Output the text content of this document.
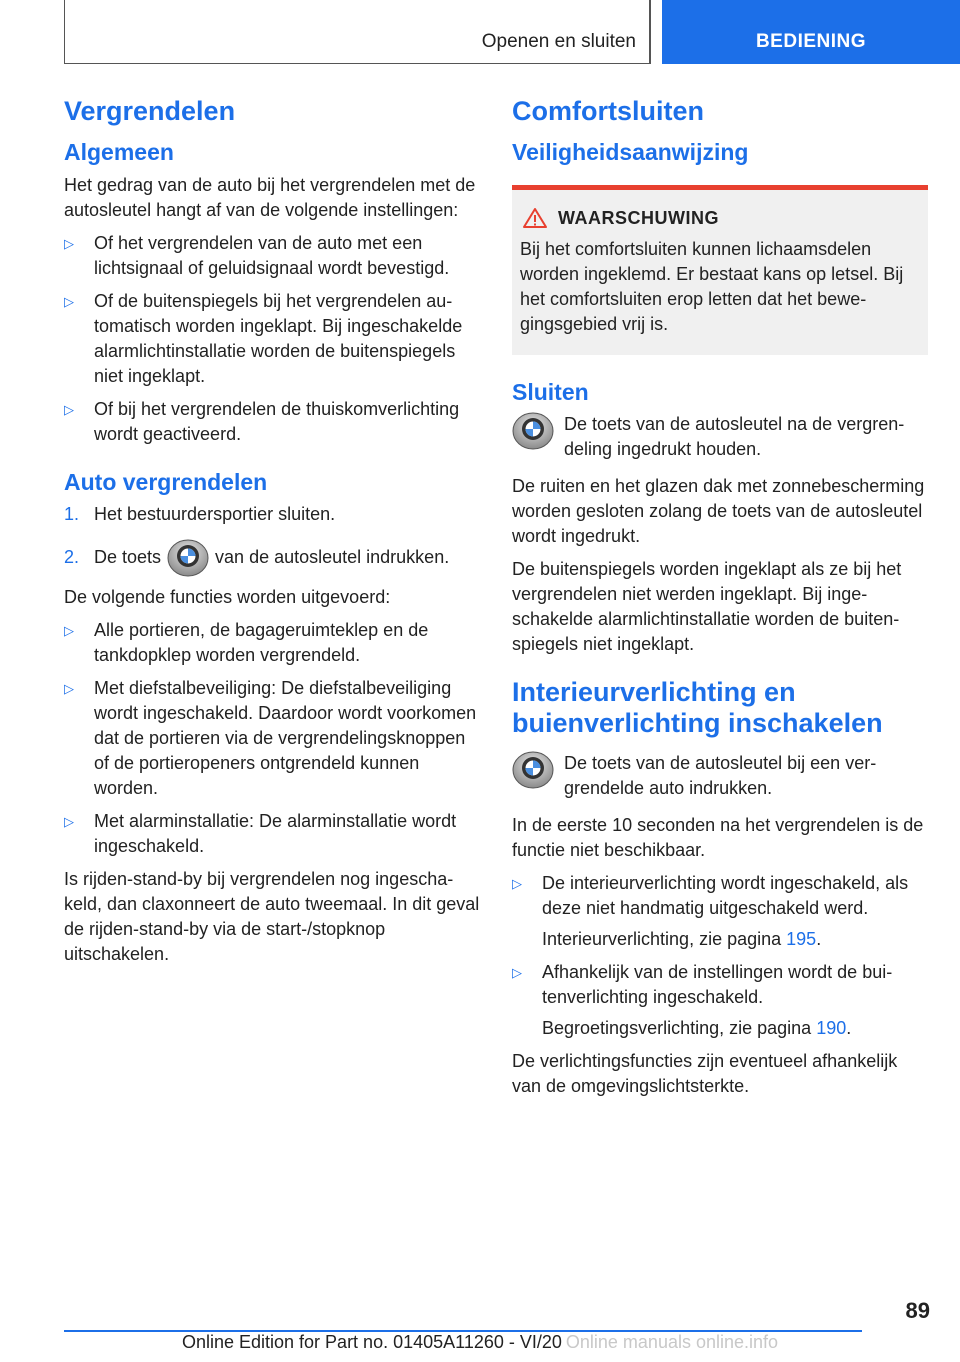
Openen en sluiten	BEDIENING
Vergrendelen
Algemeen

Het gedrag van de auto bij het vergrendelen met de autosleutel hangt af van de volgende instellingen:

▷ Of het vergrendelen van de auto met een lichtsignaal of geluidsignaal wordt bevestigd.
▷ Of de buitenspiegels bij het vergrendelen automatisch worden ingeklapt. Bij ingeschakelde alarmlichtinstallatie worden de buitenspiegels niet ingeklapt.
▷ Of bij het vergrendelen de thuiskomverlichting wordt geactiveerd.
Auto vergrendelen
1. Het bestuurdersportier sluiten.
2. De toets	van de autosleutel indrukken.

De volgende functies worden uitgevoerd:

▷ Alle portieren, de bagageruimteklep en de tankdopklep worden vergrendeld.
▷ Met diefstalbeveiliging: De diefstalbeveiliging wordt ingeschakeld. Daardoor wordt voorkomen dat de portieren via de vergrendelingsknoppen of de portieropeners ontgrendeld kunnen worden.
▷ Met alarminstallatie: De alarminstallatie wordt ingeschakeld.

Is rijden-stand-by bij vergrendelen nog ingeschakeld, dan claxonneert de auto tweemaal. In dit geval de rijden-stand-by via de start-/stopknop uitschakelen.

Comfortsluiten
Veiligheidsaanwijzing
WAARSCHUWING

Bij het comfortsluiten kunnen lichaamsdelen worden ingeklemd. Er bestaat kans op letsel. Bij het comfortsluiten erop letten dat het bewegingsgebied vrij is.

Sluiten

De toets van de autosleutel na de vergrendeling ingedrukt houden.

De ruiten en het glazen dak met zonnebescherming worden gesloten zolang de toets van de autosleutel wordt ingedrukt.

De buitenspiegels worden ingeklapt als ze bij het vergrendelen niet werden ingeklapt. Bij ingeschakelde alarmlichtinstallatie worden de buitenspiegels niet ingeklapt.

Interieurverlichting en buienverlichting inschakelen

De toets van de autosleutel bij een vergrendelde auto indrukken.

In de eerste 10 seconden na het vergrendelen is de functie niet beschikbaar.

▷ De interieurverlichting wordt ingeschakeld, als deze niet handmatig uitgeschakeld werd.
Interieurverlichting, zie pagina 195.
▷ Afhankelijk van de instellingen wordt de buitenverlichting ingeschakeld.
Begroetingsverlichting, zie pagina 190.

De verlichtingsfuncties zijn eventueel afhankelijk van de omgevingslichtsterkte.

89
Online Edition for Part no. 01405A11260 - VI/20 Online manuals online.info
